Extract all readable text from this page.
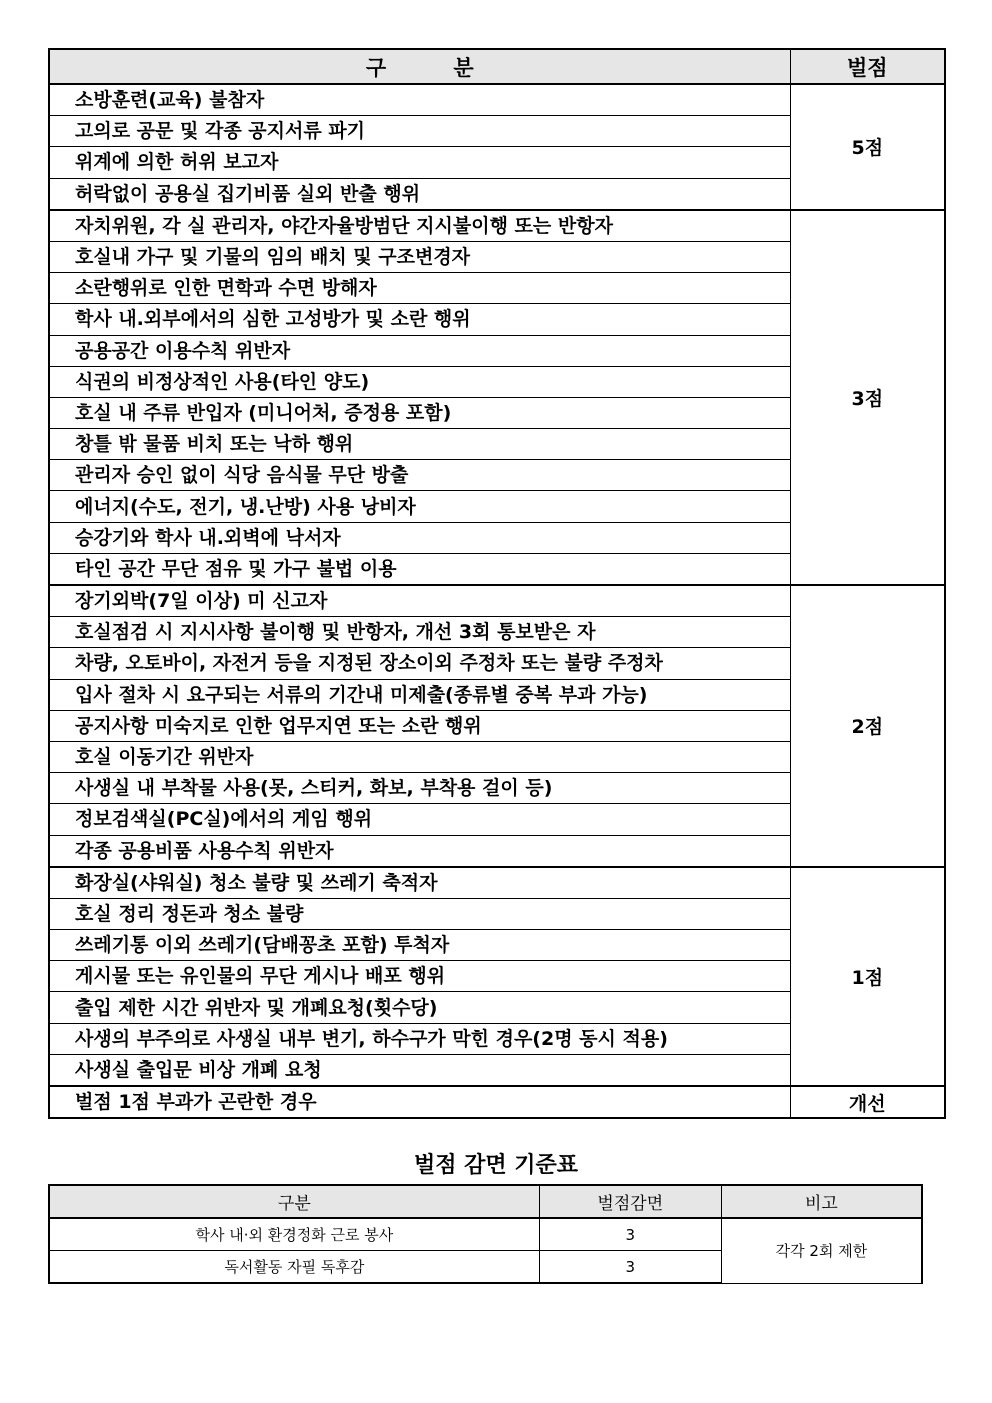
구 분	벌점
소방훈련(교육) 불참자	5점
고의로 공문 및 각종 공지서류 파기	
위계에 의한 허위 보고자	
허락없이 공용실 집기비품 실외 반출 행위	
자치위원, 각 실 관리자, 야간자율방범단 지시불이행 또는 반항자	3점
호실내 가구 및 기물의 임의 배치 및 구조변경자	
소란행위로 인한 면학과 수면 방해자	
학사 내.외부에서의 심한 고성방가 및 소란 행위	
공용공간 이용수칙 위반자	
식권의 비정상적인 사용(타인 양도)	
호실 내 주류 반입자 (미니어처, 증정용 포함)	
창틀 밖 물품 비치 또는 낙하 행위	
관리자 승인 없이 식당 음식물 무단 방출	
에너지(수도, 전기, 냉.난방) 사용 낭비자	
승강기와 학사 내.외벽에 낙서자	
타인 공간 무단 점유 및 가구 불법 이용	
장기외박(7일 이상) 미 신고자	2점
호실점검 시 지시사항 불이행 및 반항자, 개선 3회 통보받은 자	
차량, 오토바이, 자전거 등을 지정된 장소이외 주정차 또는 불량 주정차	
입사 절차 시 요구되는 서류의 기간내 미제출(종류별 중복 부과 가능)	
공지사항 미숙지로 인한 업무지연 또는 소란 행위	
호실 이동기간 위반자	
사생실 내 부착물 사용(못, 스티커, 화보, 부착용 걸이 등)	
정보검색실(PC실)에서의 게임 행위	
각종 공용비품 사용수칙 위반자	
화장실(샤워실) 청소 불량 및 쓰레기 축적자	1점
호실 정리 정돈과 청소 불량	
쓰레기통 이외 쓰레기(담배꽁초 포함) 투척자	
게시물 또는 유인물의 무단 게시나 배포 행위	
출입 제한 시간 위반자 및 개폐요청(횟수당)	
사생의 부주의로 사생실 내부 변기, 하수구가 막힌 경우(2명 동시 적용)	
사생실 출입문 비상 개폐 요청	
벌점 1점 부과가 곤란한 경우	개선
벌점 감면 기준표
구분	벌점감면	비고
학사 내·외 환경정화 근로 봉사	3	각각 2회 제한
독서활동 자필 독후감	3	
